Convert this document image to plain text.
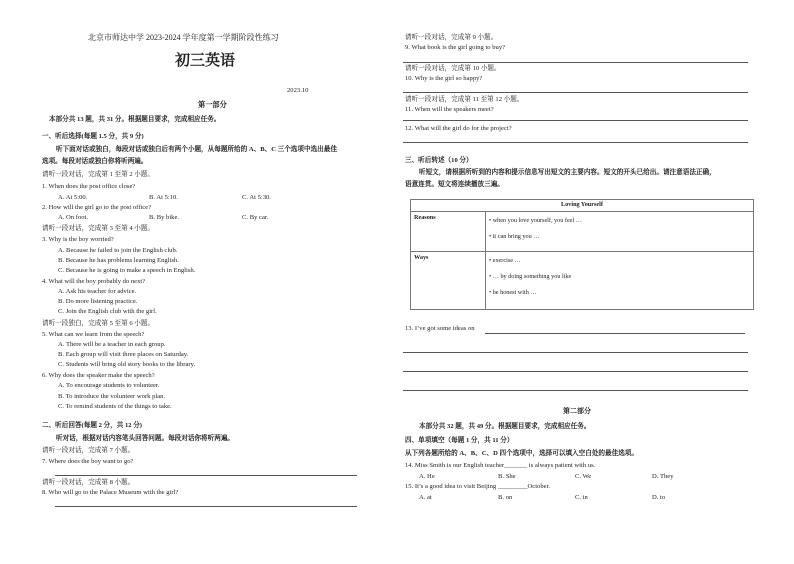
北京市师达中学 2023-2024 学年度第一学期阶段性练习
初三英语
2023.10
第一部分
本部分共 13 题，共 31 分。根据题目要求，完成相应任务。
一、听后选择(每题 1.5 分，共 9 分)
听下面对话或独白，每段对话或独白后有两个小题，从每题所给的 A、B、C 三个选项中选出最佳
选项。每段对话或独白你将听两遍。
请听一段对话，完成第 1 至第 2 小题。
1. When does the post office close?
A. At 5:00.	B. At 5:10.	C. At 5:30.
2. How will the girl go to the post office?
A. On foot.	B. By bike.	C. By car.
请听一段对话，完成第 3 至第 4 小题。
3. Why is the boy worried?
A. Because he failed to join the English club.
B. Because he has problems learning English.
C. Because he is going to make a speech in English.
4. What will the boy probably do next?
A. Ask his teacher for advice.
B. Do more listening practice.
C. Join the English club with the girl.
请听一段独白，完成第 5 至第 6 小题。
5. What can we learn from the speech?
A. There will be a teacher in each group.
B. Each group will visit three places on Saturday.
C. Students will bring old story books to the library.
6. Why does the speaker make the speech?
A. To encourage students to volunteer.
B. To introduce the volunteer work plan.
C. To remind students of the things to take.
二、听后回答(每题 2 分，共 12 分)
听对话，根据对话内容笔头回答问题。每段对话你将听两遍。
请听一段对话，完成第 7 小题。
7. Where does the boy want to go?
请听一段对话，完成第 8 小题。
8. Who will go to the Palace Museum with the girl?
请听一段对话，完成第 9 小题。
9. What book is the girl going to buy?
请听一段对话，完成第 10 小题。
10. Why is the girl so happy?
请听一段对话，完成第 11 至第 12 小题。
11. When will the speakers meet?
12. What will the girl do for the project?
三、听后转述（10 分）
听短文，请根据所听到的内容和提示信息写出短文的主要内容。短文的开头已给出。请注意语法正确，
语意连贯。短文将连续播放三遍。
Loving Yourself	
Reasons	• when you love yourself, you feel …
• it can bring you …

Ways	• exercise …
• … by doing something you like
• be honest with …
13. I’ve got some ideas on
第二部分
本部分共 32 题，共 49 分。根据题目要求，完成相应任务。
四、单项填空（每题 1 分，共 11 分）
从下列各题所给的 A、B、C、D 四个选项中，选择可以填入空白处的最佳选项。
14. Miss Smith is our English teacher_______ is always patient with us.
A. He	B. She	C. We	D. They
15. It’s a good idea to visit Beijing _________October.
A. at	B. on	C. in	D. to
